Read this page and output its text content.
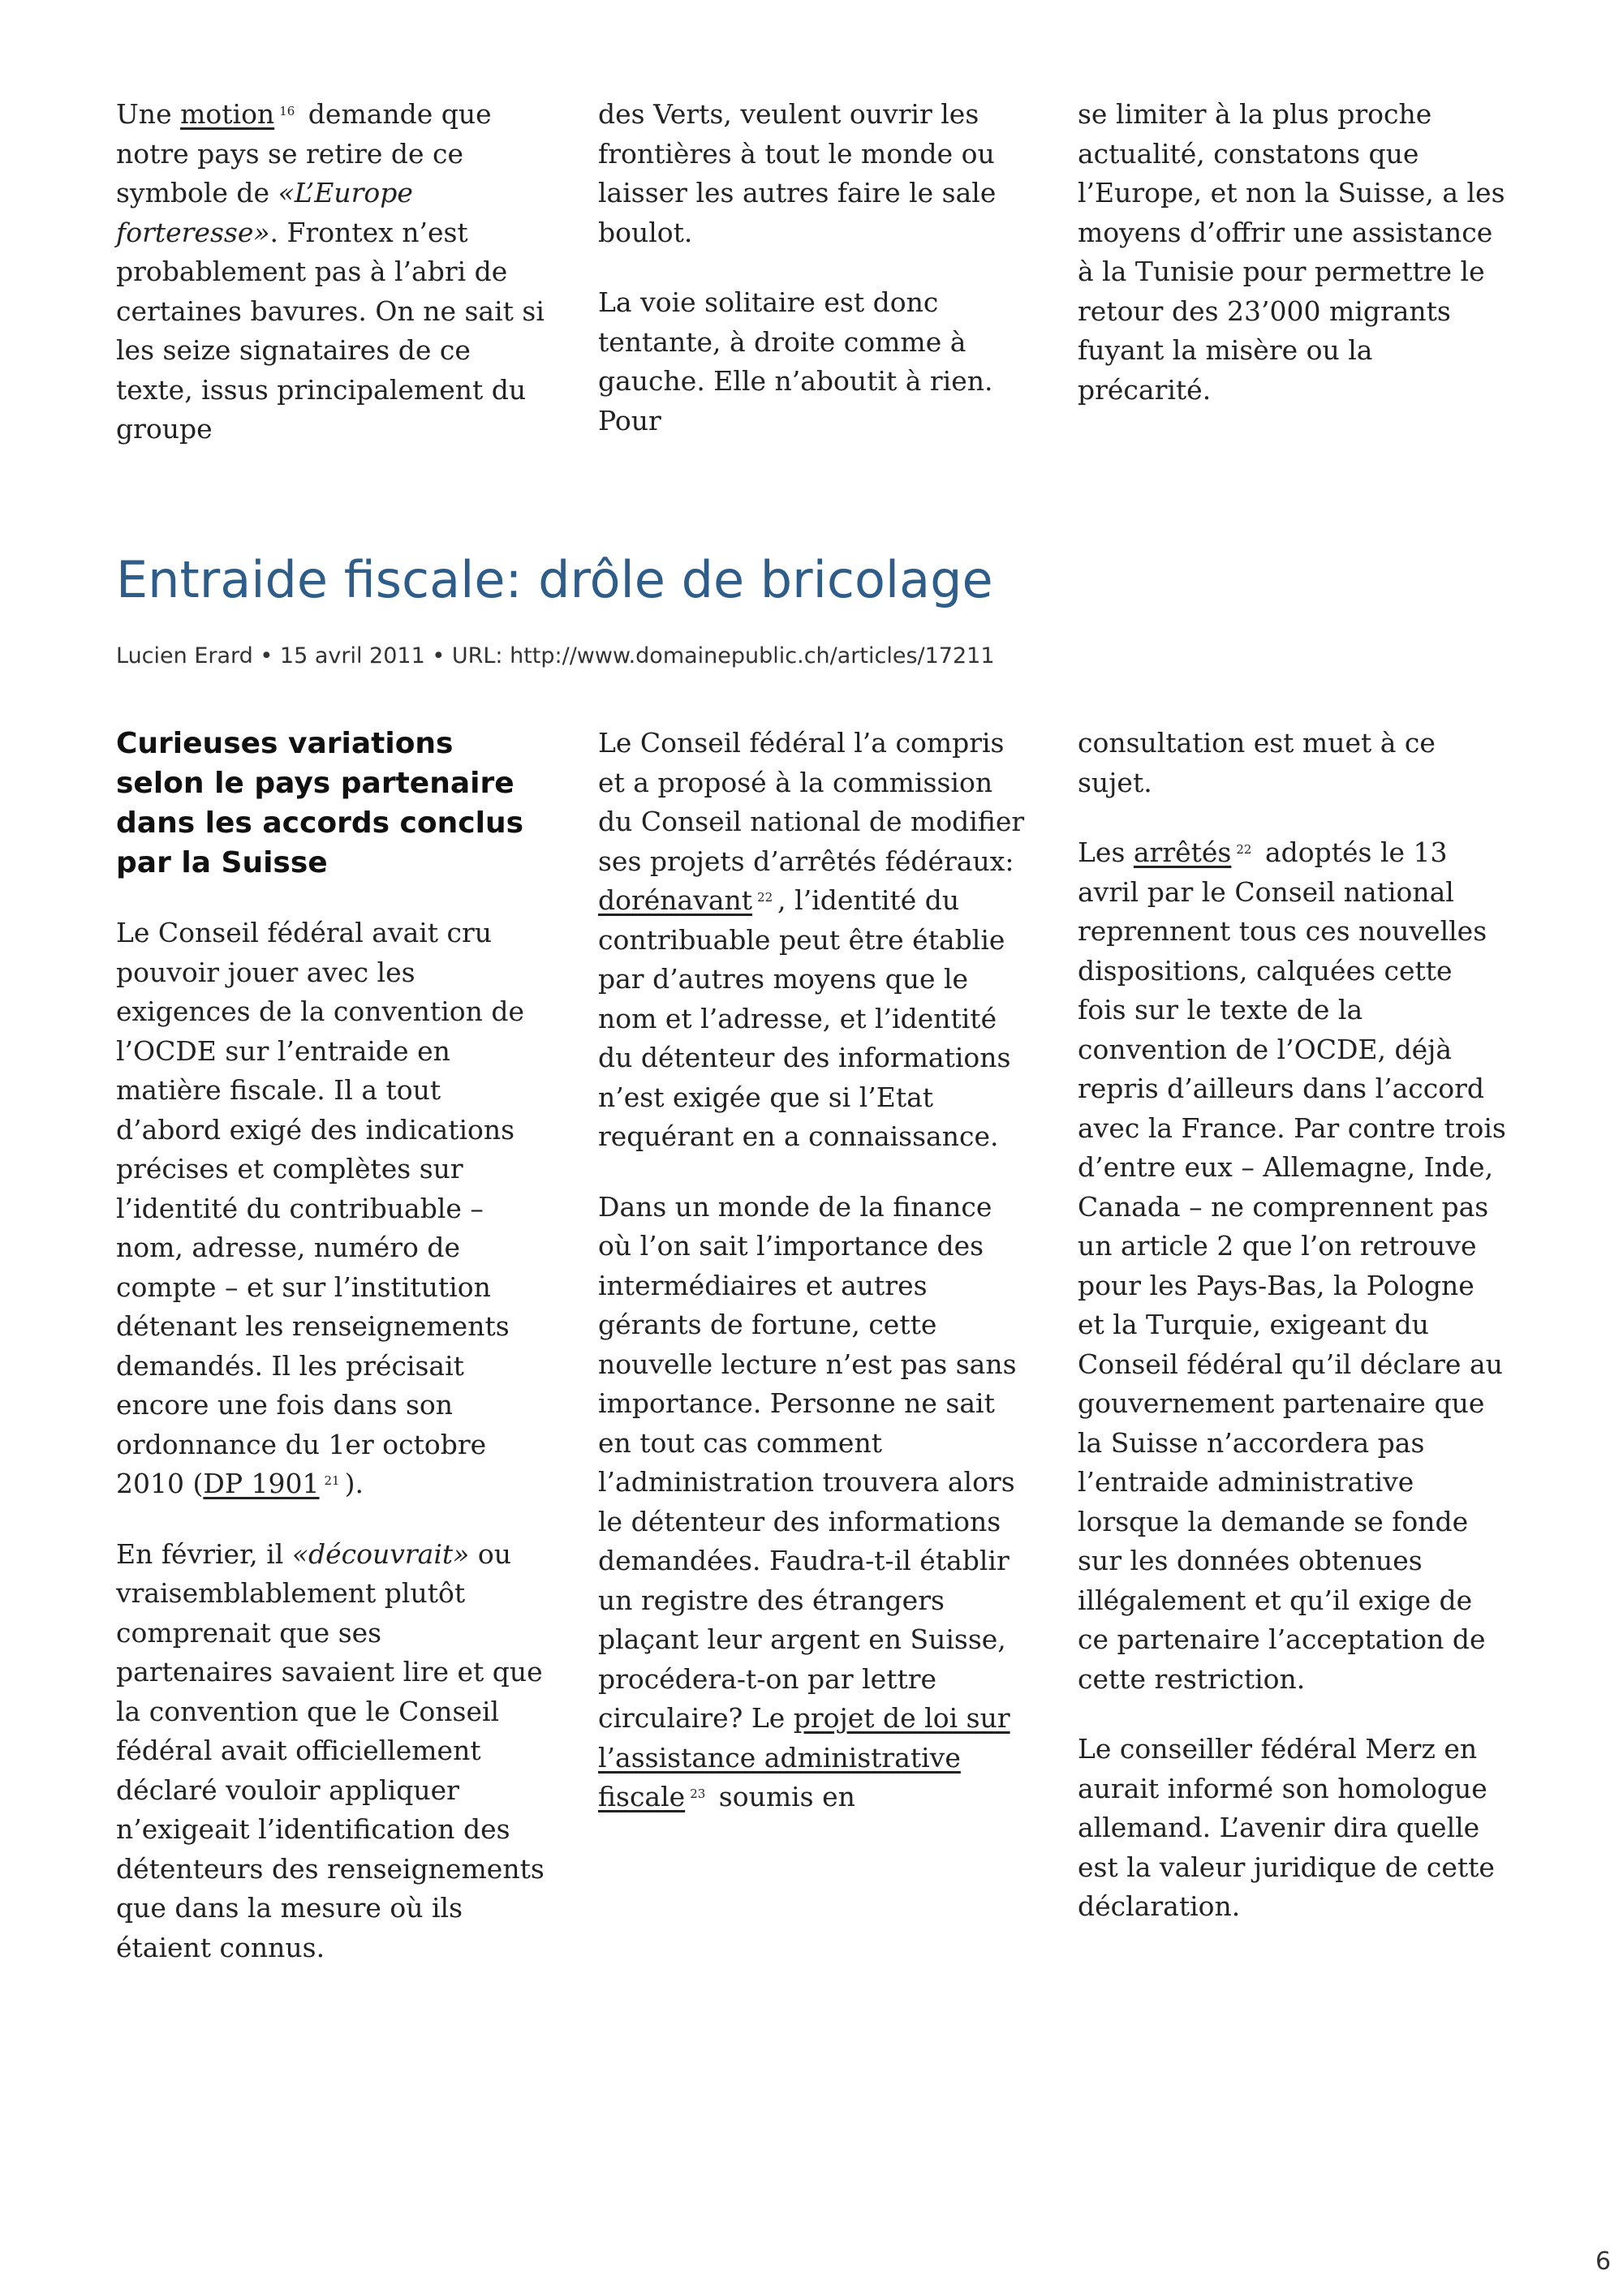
Une motion $^{16}$ demande que notre pays se retire de ce symbole de «L’Europe forteresse». Frontex n’est probablement pas à l’abri de certaines bavures. On ne sait si les seize signataires de ce texte, issus principalement du groupe

des Verts, veulent ouvrir les frontières à tout le monde ou laisser les autres faire le sale boulot.

La voie solitaire est donc tentante, à droite comme à gauche. Elle n’aboutit à rien. Pour

se limiter à la plus proche actualité, constatons que l’Europe, et non la Suisse, a les moyens d’offrir une assistance à la Tunisie pour permettre le retour des 23’000 migrants fuyant la misère ou la précarité.

Entraide fiscale: drôle de bricolage
Lucien Erard • 15 avril 2011 • URL: http://www.domainepublic.ch/articles/17211
Curieuses variations selon le pays partenaire dans les accords conclus par la Suisse

Le Conseil fédéral avait cru pouvoir jouer avec les exigences de la convention de l’OCDE sur l’entraide en matière fiscale. Il a tout d’abord exigé des indications précises et complètes sur l’identité du contribuable – nom, adresse, numéro de compte – et sur l’institution détenant les renseignements demandés. Il les précisait encore une fois dans son ordonnance du 1er octobre 2010 (DP 1901 $^{21}$ ).

En février, il «découvrait» ou vraisemblablement plutôt comprenait que ses partenaires savaient lire et que la convention que le Conseil fédéral avait officiellement déclaré vouloir appliquer n’exigeait l’identification des détenteurs des renseignements que dans la mesure où ils étaient connus.

Le Conseil fédéral l’a compris et a proposé à la commission du Conseil national de modifier ses projets d’arrêtés fédéraux: dorénavant $^{22}$ , l’identité du contribuable peut être établie par d’autres moyens que le nom et l’adresse, et l’identité du détenteur des informations n’est exigée que si l’Etat requérant en a connaissance.

Dans un monde de la finance où l’on sait l’importance des intermédiaires et autres gérants de fortune, cette nouvelle lecture n’est pas sans importance. Personne ne sait en tout cas comment l’administration trouvera alors le détenteur des informations demandées. Faudra-t-il établir un registre des étrangers plaçant leur argent en Suisse, procédera-t-on par lettre circulaire? Le projet de loi sur l’assistance administrative fiscale $^{23}$ soumis en

consultation est muet à ce sujet.

Les arrêtés $^{22}$ adoptés le 13 avril par le Conseil national reprennent tous ces nouvelles dispositions, calquées cette fois sur le texte de la convention de l’OCDE, déjà repris d’ailleurs dans l’accord avec la France. Par contre trois d’entre eux – Allemagne, Inde, Canada – ne comprennent pas un article 2 que l’on retrouve pour les Pays-Bas, la Pologne et la Turquie, exigeant du Conseil fédéral qu’il déclare au gouvernement partenaire que la Suisse n’accordera pas l’entraide administrative lorsque la demande se fonde sur les données obtenues illégalement et qu’il exige de ce partenaire l’acceptation de cette restriction.

Le conseiller fédéral Merz en aurait informé son homologue allemand. L’avenir dira quelle est la valeur juridique de cette déclaration.

6
